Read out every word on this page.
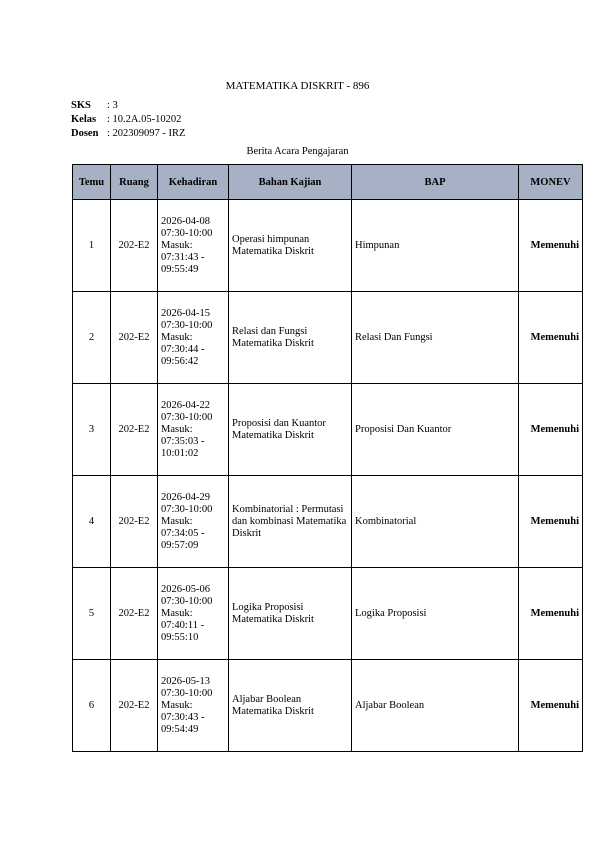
MATEMATIKA DISKRIT - 896
SKS : 3
Kelas : 10.2A.05-10202
Dosen : 202309097 - IRZ
Berita Acara Pengajaran
Temu	Ruang	Kehadiran	Bahan Kajian	BAP	MONEV
1	202-E2	2026-04-08
07:30-10:00
Masuk:
07:31:43 -
09:55:49	Operasi himpunan Matematika Diskrit	Himpunan	Memenuhi
2	202-E2	2026-04-15
07:30-10:00
Masuk:
07:30:44 -
09:56:42	Relasi dan Fungsi Matematika Diskrit	Relasi Dan Fungsi	Memenuhi
3	202-E2	2026-04-22
07:30-10:00
Masuk:
07:35:03 -
10:01:02	Proposisi dan Kuantor Matematika Diskrit	Proposisi Dan Kuantor	Memenuhi
4	202-E2	2026-04-29
07:30-10:00
Masuk:
07:34:05 -
09:57:09	Kombinatorial : Permutasi dan kombinasi Matematika Diskrit	Kombinatorial	Memenuhi
5	202-E2	2026-05-06
07:30-10:00
Masuk:
07:40:11 -
09:55:10	Logika Proposisi Matematika Diskrit	Logika Proposisi	Memenuhi
6	202-E2	2026-05-13
07:30-10:00
Masuk:
07:30:43 -
09:54:49	Aljabar Boolean Matematika Diskrit	Aljabar Boolean	Memenuhi
